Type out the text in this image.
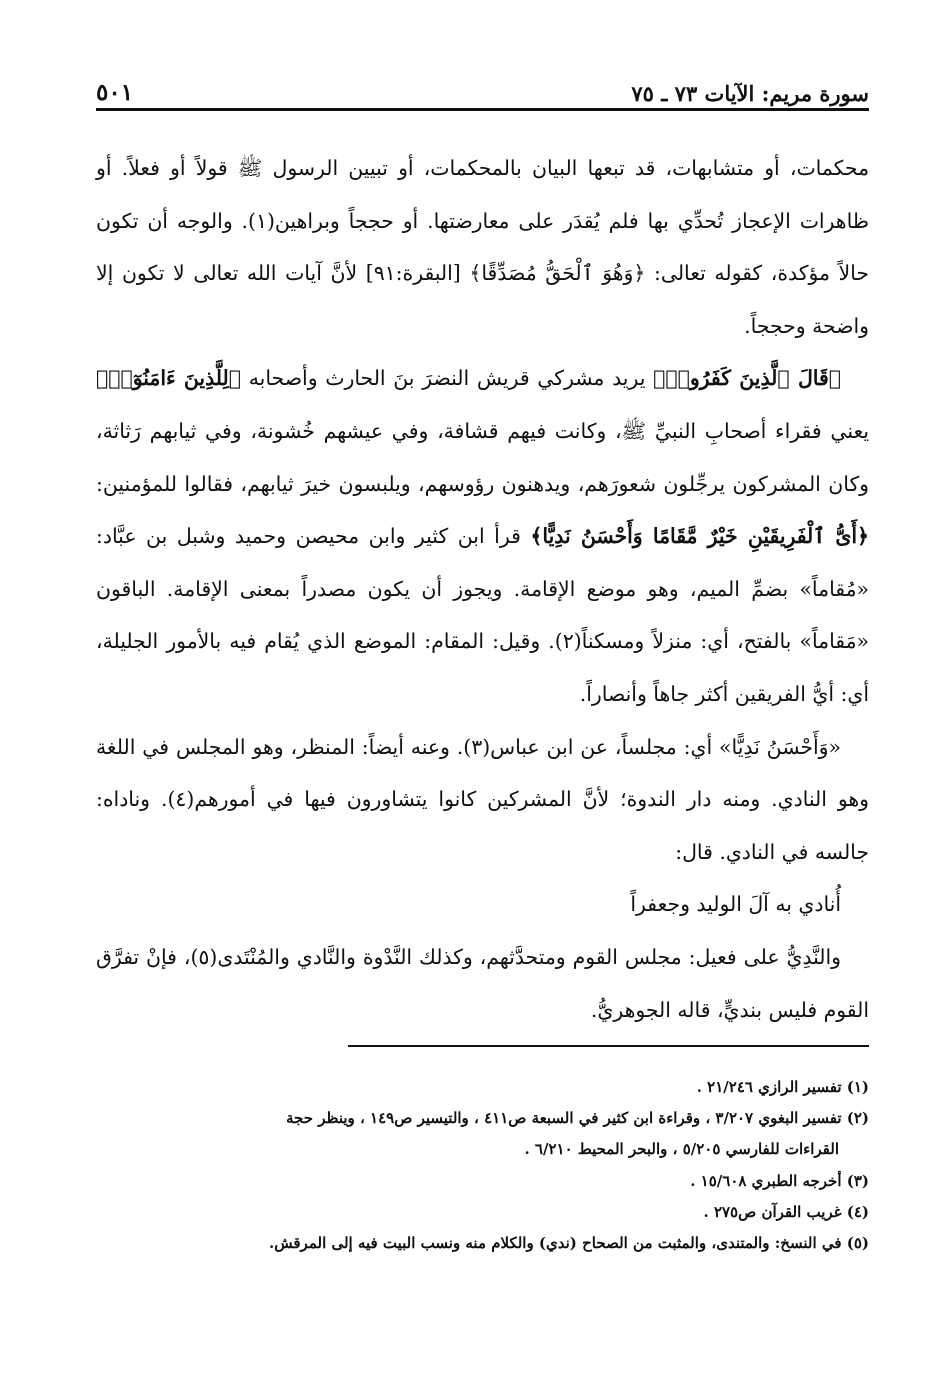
سورة مريم: الآيات ٧٣ ـ ٧٥
٥٠١

محكمات، أو متشابهات، قد تبعها البيان بالمحكمات، أو تبيين الرسول ﷺ قولاً أو فعلاً. أو ظاهرات الإعجاز تُحدِّي بها فلم يُقدَر على معارضتها. أو حججاً وبراهين(١). والوجه أن تكون حالاً مؤكدة، كقوله تعالى: ﴿وَهُوَ ٱلْحَقُّ مُصَدِّقًا﴾ [البقرة:٩١] لأنَّ آيات الله تعالى لا تكون إلا واضحة وحججاً.

﴿قَالَ ٱلَّذِينَ كَفَرُوا۟﴾ يريد مشركي قريش النضرَ بنَ الحارث وأصحابه ﴿لِلَّذِينَ ءَامَنُوٓا۟﴾ يعني فقراء أصحابِ النبيِّ ﷺ، وكانت فيهم قشافة، وفي عيشهم خُشونة، وفي ثيابهم رَثاثة، وكان المشركون يرجِّلون شعورَهم، ويدهنون رؤوسهم، ويلبسون خيرَ ثيابهم، فقالوا للمؤمنين: ﴿أَىُّ ٱلْفَرِيقَيْنِ خَيْرٌ مَّقَامًا وَأَحْسَنُ نَدِيًّا﴾ قرأ ابن كثير وابن محيصن وحميد وشبل بن عبَّاد: «مُقاماً» بضمِّ الميم، وهو موضع الإقامة. ويجوز أن يكون مصدراً بمعنى الإقامة. الباقون «مَقاماً» بالفتح، أي: منزلاً ومسكناً(٢). وقيل: المقام: الموضع الذي يُقام فيه بالأمور الجليلة، أي: أيُّ الفريقين أكثر جاهاً وأنصاراً.

«وَأَحْسَنُ نَدِيًّا» أي: مجلساً، عن ابن عباس(٣). وعنه أيضاً: المنظر، وهو المجلس في اللغة وهو النادي. ومنه دار الندوة؛ لأنَّ المشركين كانوا يتشاورون فيها في أمورهم(٤). وناداه: جالسه في النادي. قال:

أُنادي به آلَ الوليد وجعفراً

والنَّدِيُّ على فعيل: مجلس القوم ومتحدَّثهم، وكذلك النَّدْوة والنَّادي والمُنْتَدى(٥)، فإنْ تفرَّق القوم فليس بنديٍّ، قاله الجوهريُّ.

(١) تفسير الرازي ٢١/٢٤٦ .

(٢) تفسير البغوي ٣/٢٠٧ ، وقراءة ابن كثير في السبعة ص٤١١ ، والتيسير ص١٤٩ ، وينظر حجة

القراءات للفارسي ٥/٢٠٥ ، والبحر المحيط ٦/٢١٠ .

(٣) أخرجه الطبري ١٥/٦٠٨ .

(٤) غريب القرآن ص٢٧٥ .

(٥) في النسخ: والمتندى، والمثبت من الصحاح (ندي) والكلام منه ونسب البيت فيه إلى المرقش.
